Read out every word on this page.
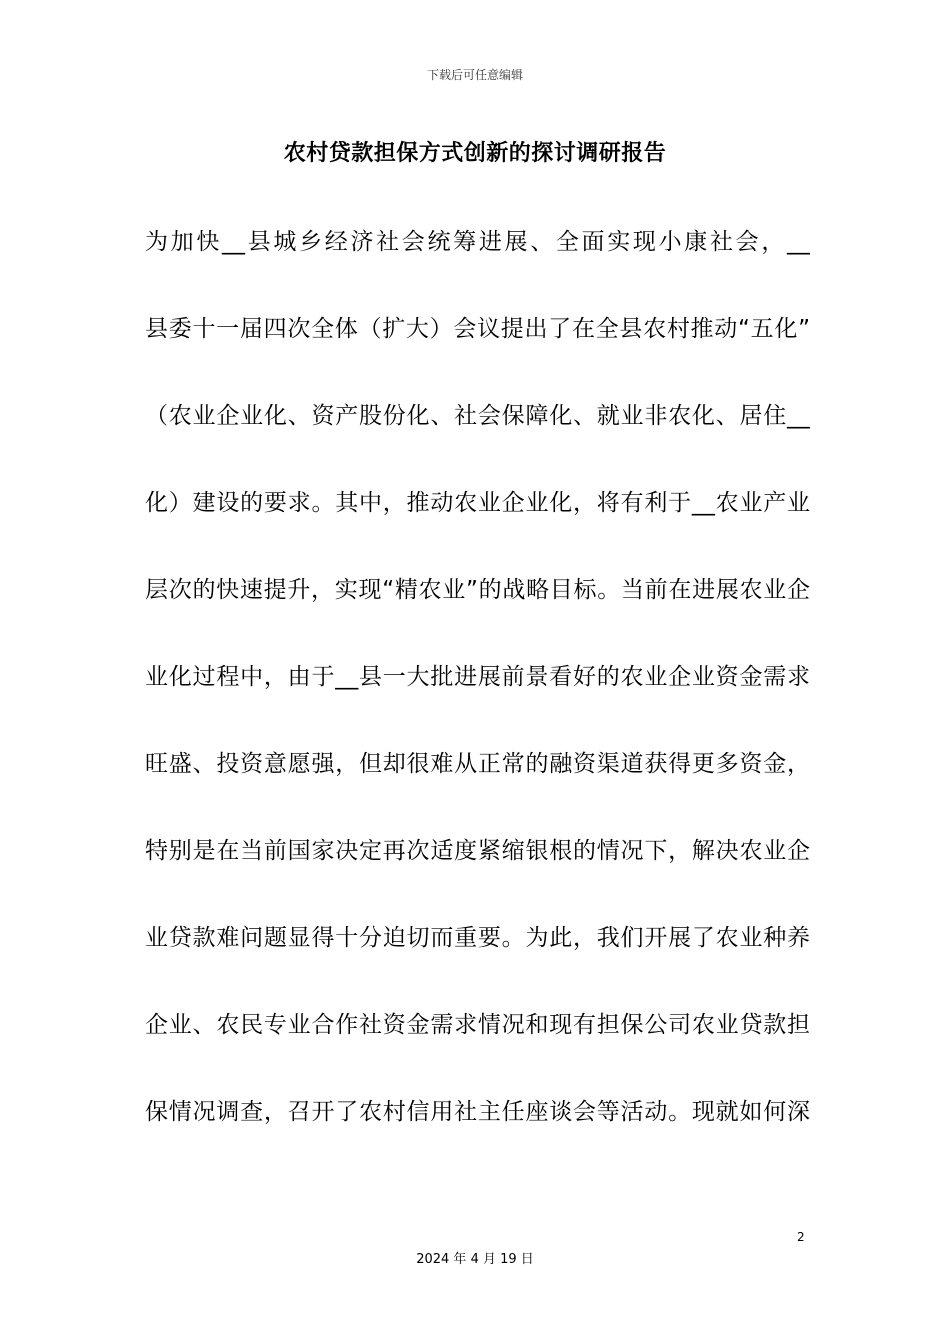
下载后可任意编辑
农村贷款担保方式创新的探讨调研报告
为加快__县城乡经济社会统筹进展、全面实现小康社会，__
县委十一届四次全体（扩大）会议提出了在全县农村推动“五化”
（农业企业化、资产股份化、社会保障化、就业非农化、居住__
化）建设的要求。其中，推动农业企业化，将有利于__农业产业
层次的快速提升，实现“精农业”的战略目标。当前在进展农业企
业化过程中，由于__县一大批进展前景看好的农业企业资金需求
旺盛、投资意愿强，但却很难从正常的融资渠道获得更多资金，
特别是在当前国家决定再次适度紧缩银根的情况下，解决农业企
业贷款难问题显得十分迫切而重要。为此，我们开展了农业种养
企业、农民专业合作社资金需求情况和现有担保公司农业贷款担
保情况调查，召开了农村信用社主任座谈会等活动。现就如何深
2
2024 年 4 月 19 日
